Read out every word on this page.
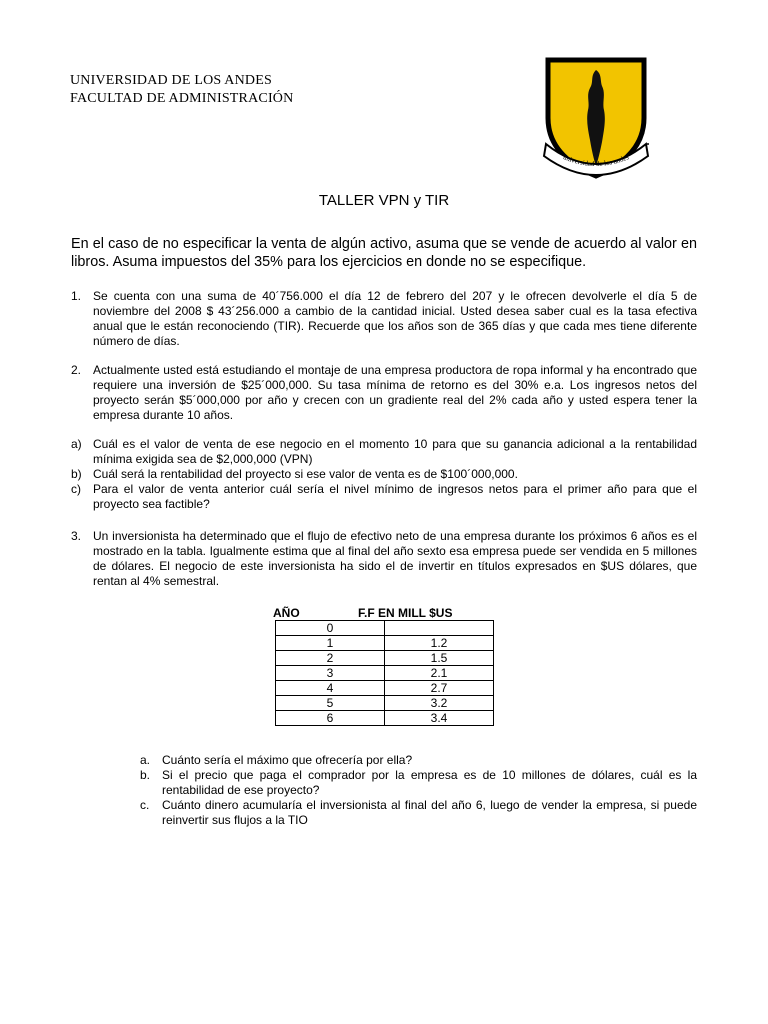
UNIVERSIDAD DE LOS ANDES
FACULTAD DE ADMINISTRACIÓN
universidad de los andes
TALLER VPN y TIR
En el caso de no especificar la venta de algún activo, asuma que se vende de acuerdo al valor en libros. Asuma impuestos del 35% para los ejercicios en donde no se especifique.
1. Se cuenta con una suma de 40´756.000 el día 12 de febrero del 207 y le ofrecen devolverle el día 5 de noviembre del 2008 $ 43´256.000 a cambio de la cantidad inicial. Usted desea saber cual es la tasa efectiva anual que le están reconociendo (TIR). Recuerde que los años son de 365 días y que cada mes tiene diferente número de días.
2. Actualmente usted está estudiando el montaje de una empresa productora de ropa informal y ha encontrado que requiere una inversión de $25´000,000. Su tasa mínima de retorno es del 30% e.a. Los ingresos netos del proyecto serán $5´000,000 por año y crecen con un gradiente real del 2% cada año y usted espera tener la empresa durante 10 años.
a) Cuál es el valor de venta de ese negocio en el momento 10 para que su ganancia adicional a la rentabilidad mínima exigida sea de $2,000,000 (VPN)
b) Cuál será la rentabilidad del proyecto si ese valor de venta es de $100´000,000.
c) Para el valor de venta anterior cuál sería el nivel mínimo de ingresos netos para el primer año para que el proyecto sea factible?
3. Un inversionista ha determinado que el flujo de efectivo neto de una empresa durante los próximos 6 años es el mostrado en la tabla. Igualmente estima que al final del año sexto esa empresa puede ser vendida en 5 millones de dólares. El negocio de este inversionista ha sido el de invertir en títulos expresados en $US dólares, que rentan al 4% semestral.
AÑO	F.F EN MILL $US
0	
1	1.2
2	1.5
3	2.1
4	2.7
5	3.2
6	3.4
a. Cuánto sería el máximo que ofrecería por ella?
b. Si el precio que paga el comprador por la empresa es de 10 millones de dólares, cuál es la rentabilidad de ese proyecto?
c. Cuánto dinero acumularía el inversionista al final del año 6, luego de vender la empresa, si puede reinvertir sus flujos a la TIO
